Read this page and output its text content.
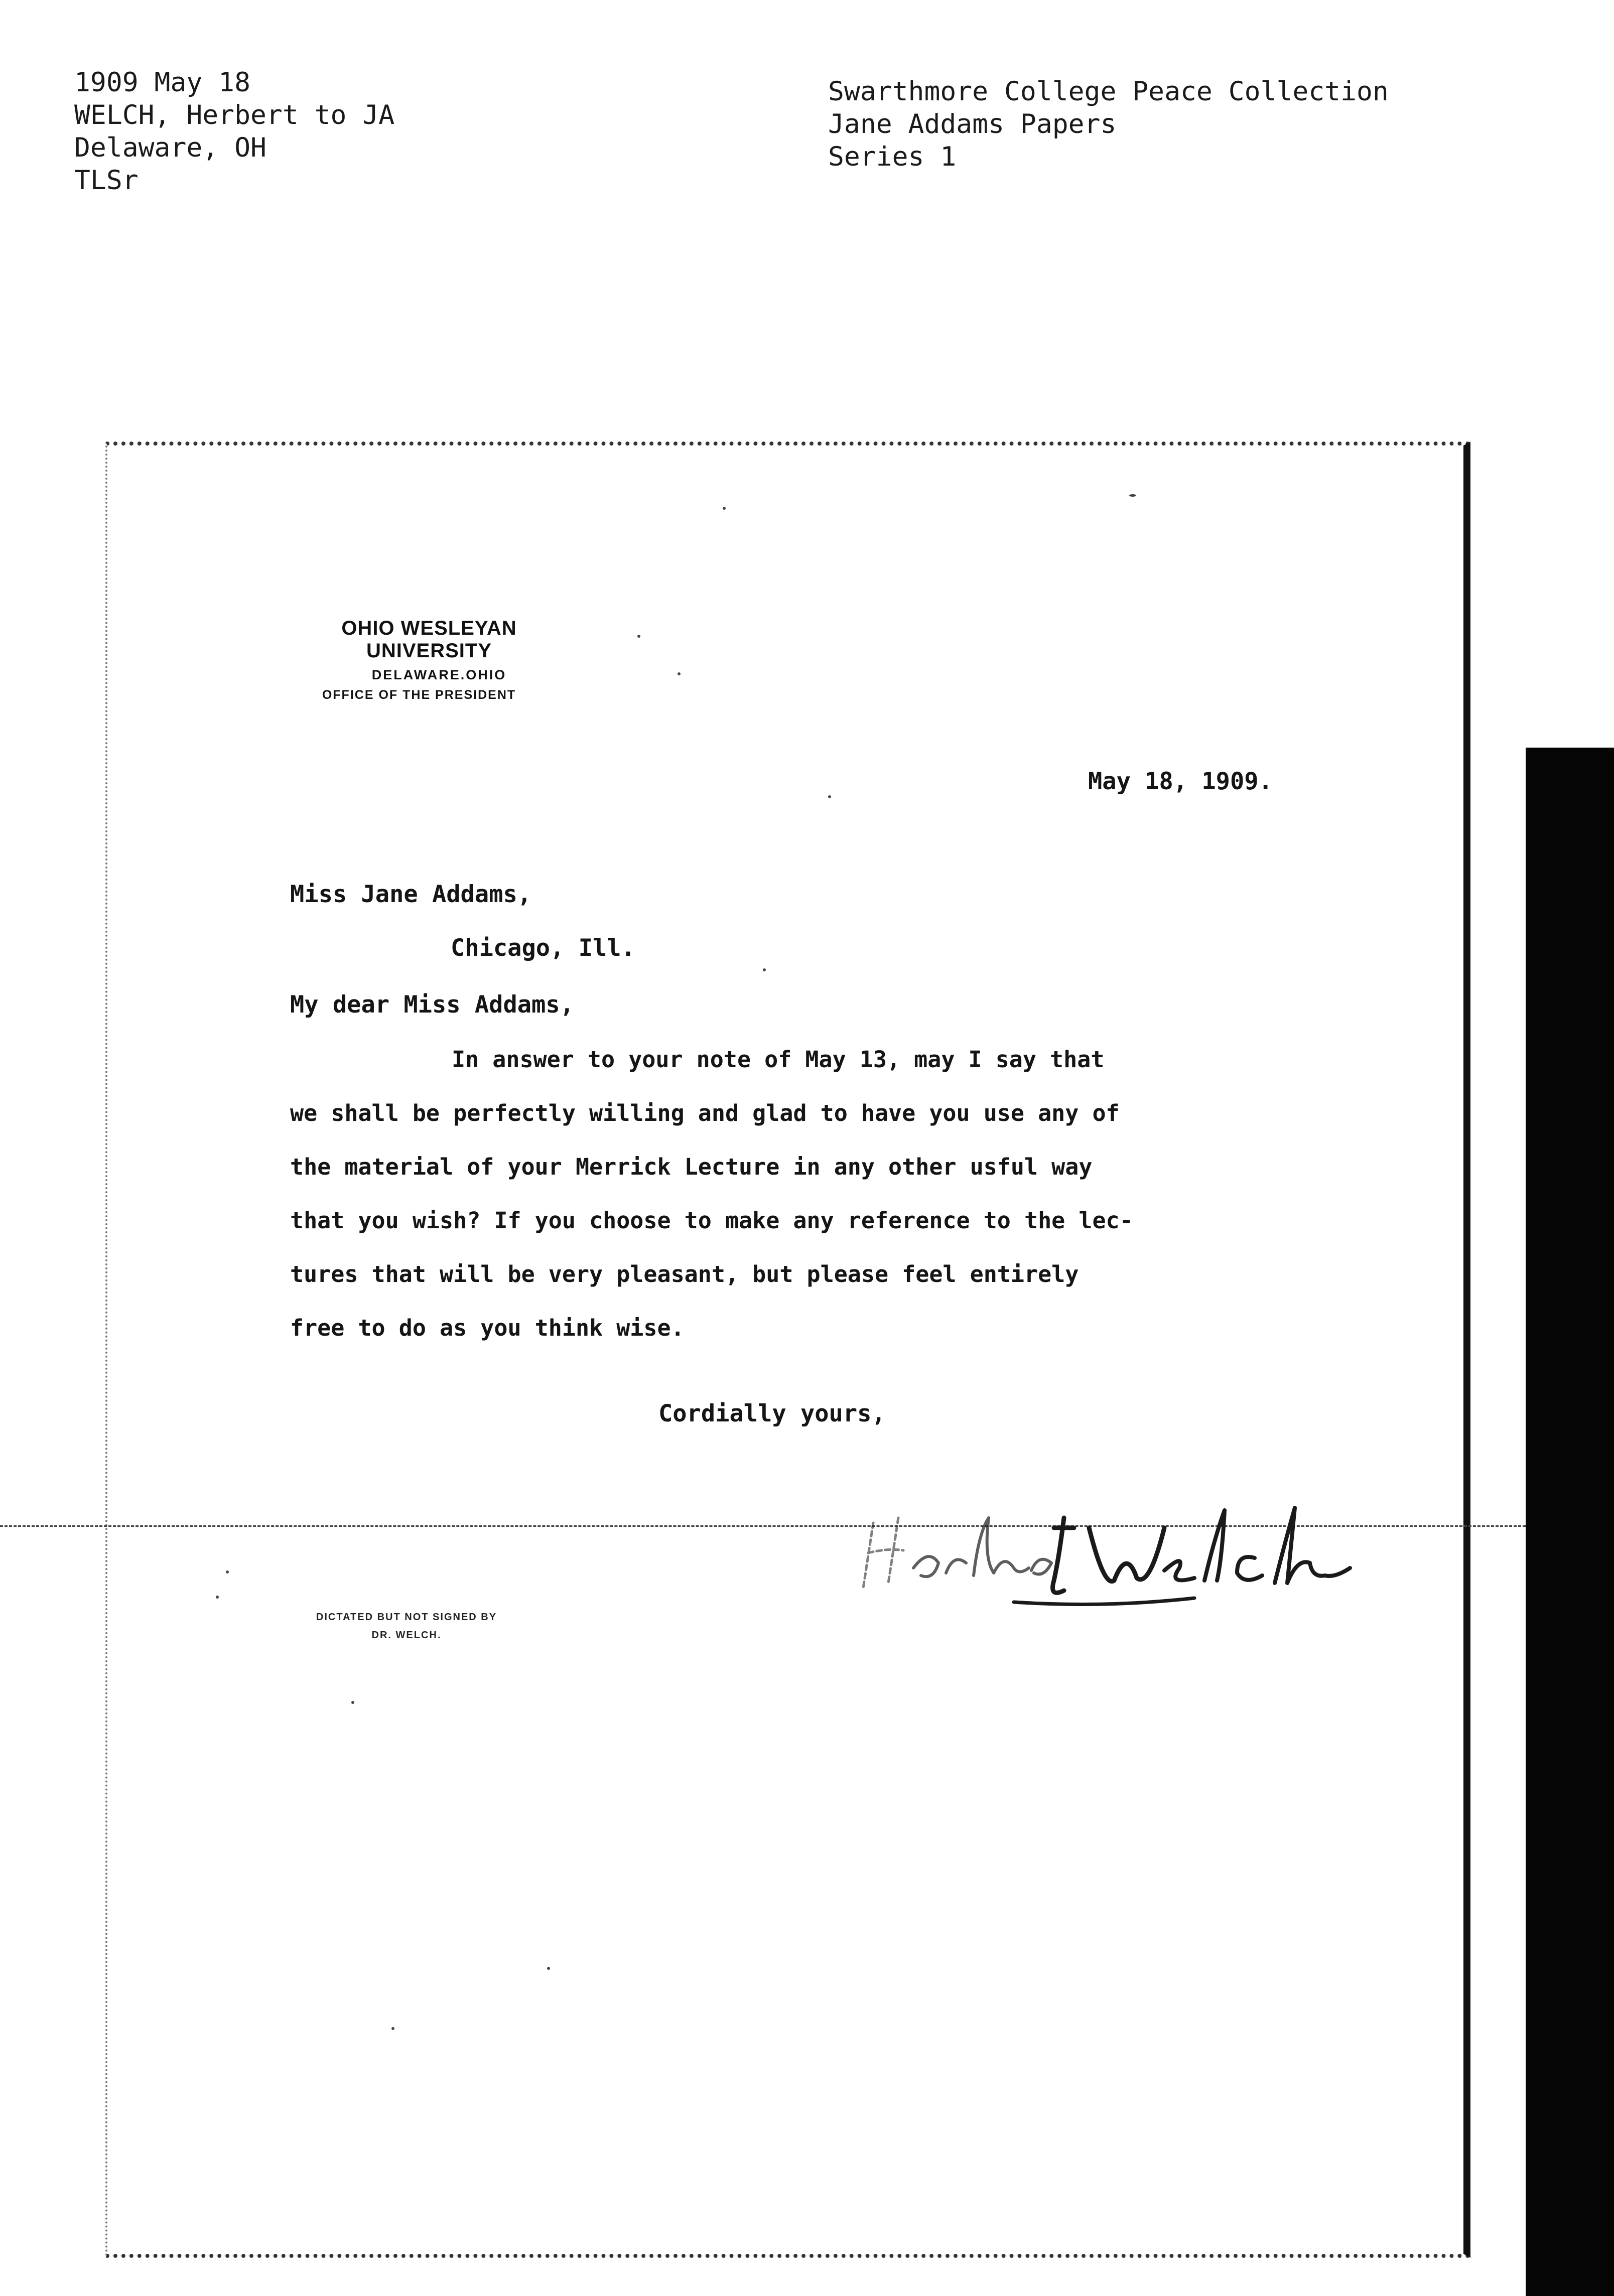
1909 May 18
WELCH, Herbert to JA
Delaware, OH
TLSr
Swarthmore College Peace Collection
Jane Addams Papers
Series 1
OHIO WESLEYAN UNIVERSITY
DELAWARE.OHIO
OFFICE OF THE PRESIDENT
May 18, 1909.
Miss Jane Addams,
Chicago, Ill.
My dear Miss Addams,
In answer to your note of May 13, may I say that
we shall be perfectly willing and glad to have you use any of
the material of your Merrick Lecture in any other usful way
that you wish? If you choose to make any reference to the lec-
tures that will be very pleasant, but please feel entirely
free to do as you think wise.
Cordially yours,
DICTATED BUT NOT SIGNED BY
DR. WELCH.
